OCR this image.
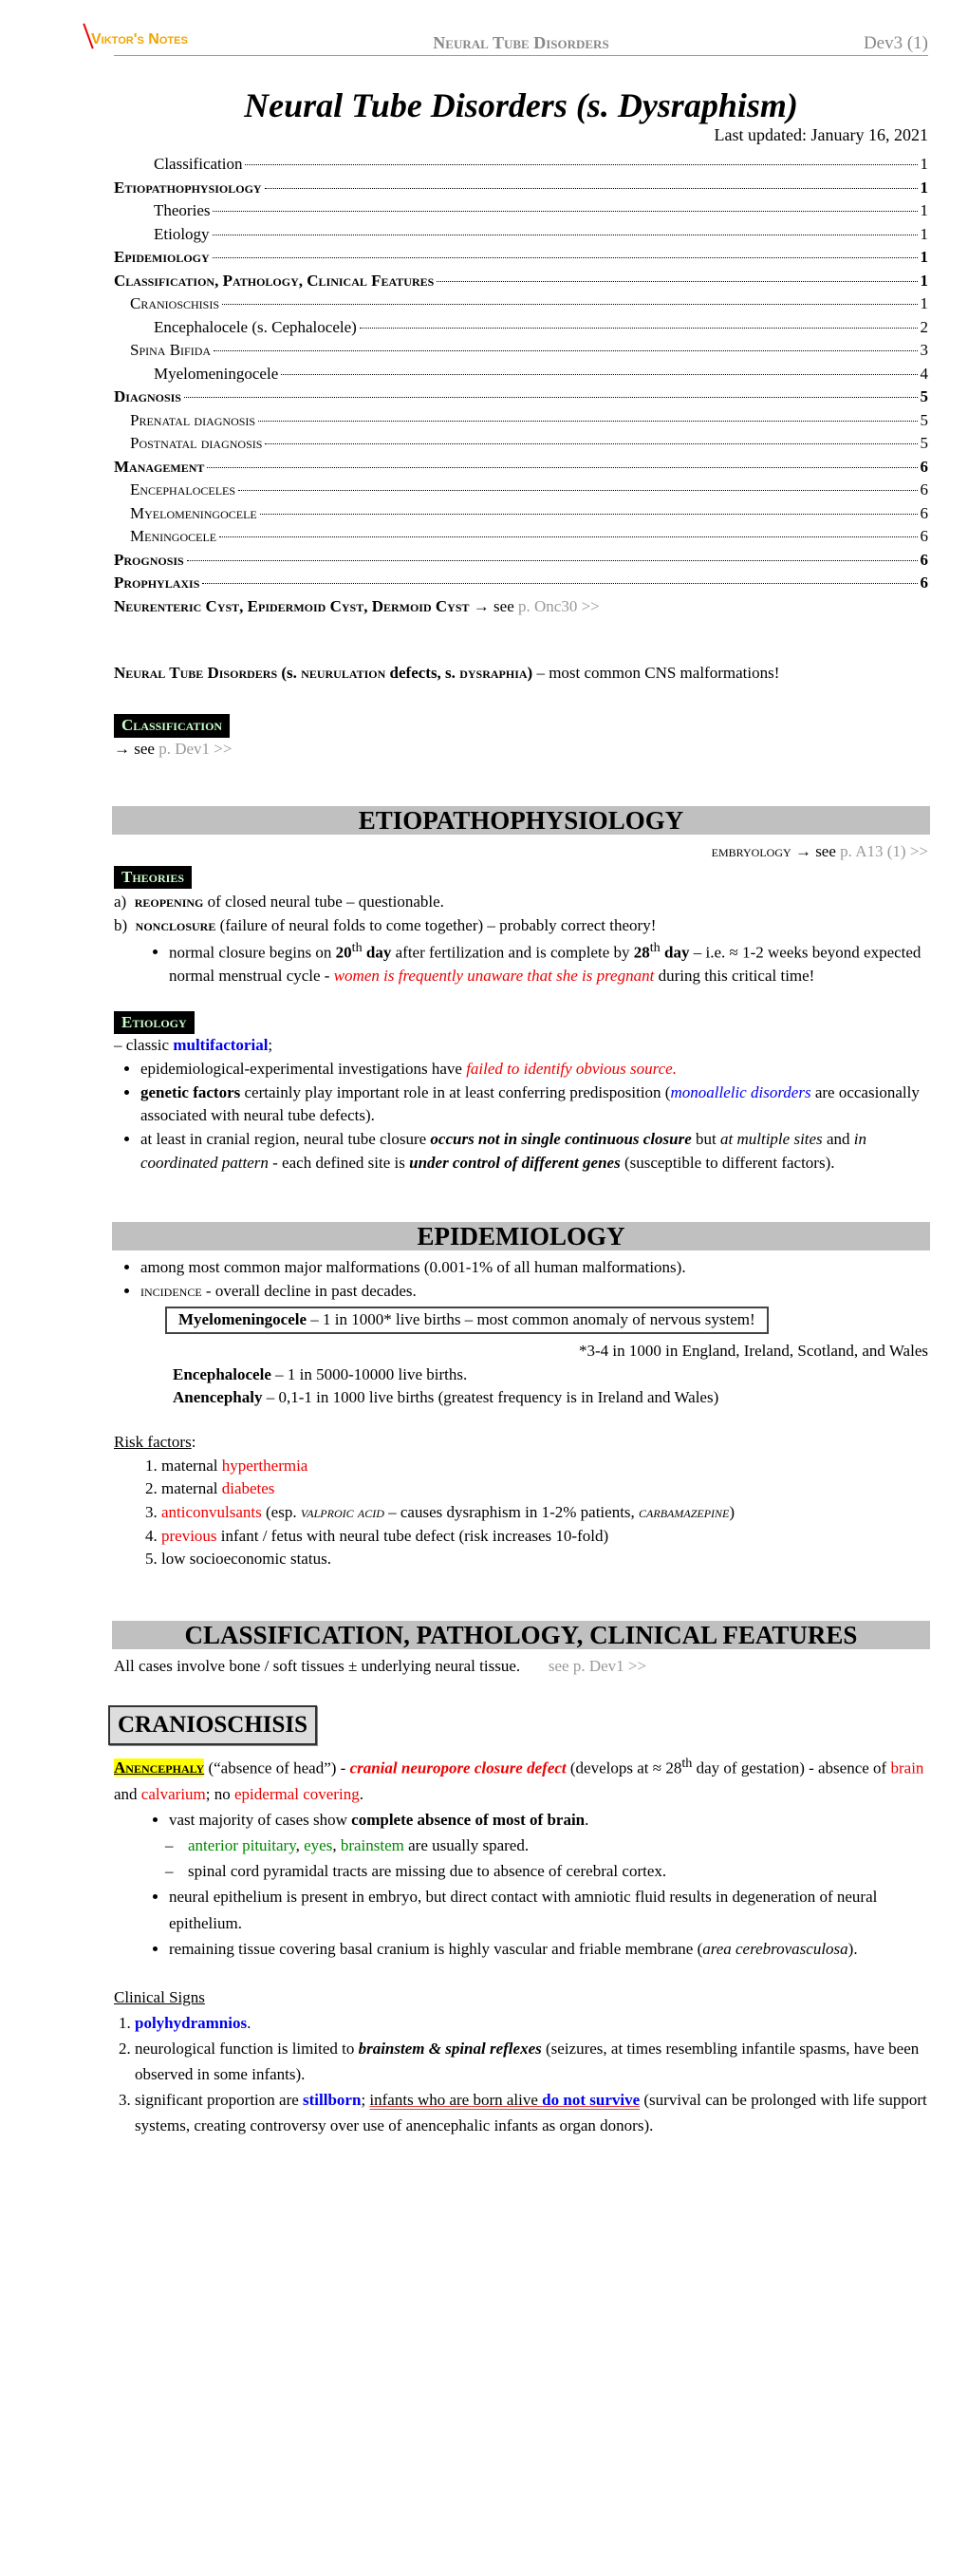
Viktor's Notes	Neural Tube Disorders	Dev3 (1)
Neural Tube Disorders (s. Dysraphism)
Last updated: January 16, 2021
Classification	1
Etiopathophysiology	1
Theories	1
Etiology	1
Epidemiology	1
Classification, Pathology, Clinical Features	1
Cranioschisis	1
Encephalocele (s. Cephalocele)	2
Spina Bifida	3
Myelomeningocele	4
Diagnosis	5
Prenatal diagnosis	5
Postnatal diagnosis	5
Management	6
Encephaloceles	6
Myelomeningocele	6
Meningocele	6
Prognosis	6
Prophylaxis	6
Neurenteric Cyst, Epidermoid Cyst, Dermoid Cyst
→ see
p. Onc30 >>

Neural Tube Disorders (s. neurulation defects, s. dysraphia) – most common CNS malformations!

Classification
→ see p. Dev1 >>
ETIOPATHOPHYSIOLOGY
embryology → see p. A13 (1) >>
Theories
a) reopening of closed neural tube – questionable.
b) nonclosure (failure of neural folds to come together) – probably correct theory!
• normal closure begins on 20th day after fertilization and is complete by 28th day – i.e. ≈ 1-2 weeks beyond expected normal menstrual cycle - women is frequently unaware that she is pregnant during this critical time!
Etiology
– classic multifactorial;
• epidemiological-experimental investigations have failed to identify obvious source.
• genetic factors certainly play important role in at least conferring predisposition (monoallelic disorders are occasionally associated with neural tube defects).
• at least in cranial region, neural tube closure occurs not in single continuous closure but at multiple sites and in coordinated pattern - each defined site is under control of different genes (susceptible to different factors).
EPIDEMIOLOGY
• among most common major malformations (0.001-1% of all human malformations).
• incidence - overall decline in past decades.
Myelomeningocele – 1 in 1000* live births – most common anomaly of nervous system!
*3-4 in 1000 in England, Ireland, Scotland, and Wales
Encephalocele – 1 in 5000-10000 live births.
Anencephaly – 0,1-1 in 1000 live births (greatest frequency is in Ireland and Wales)
Risk factors:
1. maternal hyperthermia
2. maternal diabetes
3. anticonvulsants (esp. valproic acid – causes dysraphism in 1-2% patients, carbamazepine)
4. previous infant / fetus with neural tube defect (risk increases 10-fold)
5. low socioeconomic status.
CLASSIFICATION, PATHOLOGY, CLINICAL FEATURES
All cases involve bone / soft tissues ± underlying neural tissue. see p. Dev1 >>
CRANIOSCHISIS

Anencephaly (“absence of head”) - cranial neuropore closure defect (develops at ≈ 28th day of gestation) - absence of brain and calvarium; no epidermal covering.

• vast majority of cases show complete absence of most of brain.
– anterior pituitary, eyes, brainstem are usually spared.
– spinal cord pyramidal tracts are missing due to absence of cerebral cortex.
• neural epithelium is present in embryo, but direct contact with amniotic fluid results in degeneration of neural epithelium.
• remaining tissue covering basal cranium is highly vascular and friable membrane (area cerebrovasculosa).
Clinical Signs
1. polyhydramnios.
2. neurological function is limited to brainstem & spinal reflexes (seizures, at times resembling infantile spasms, have been observed in some infants).
3. significant proportion are stillborn; infants who are born alive do not survive (survival can be prolonged with life support systems, creating controversy over use of anencephalic infants as organ donors).
